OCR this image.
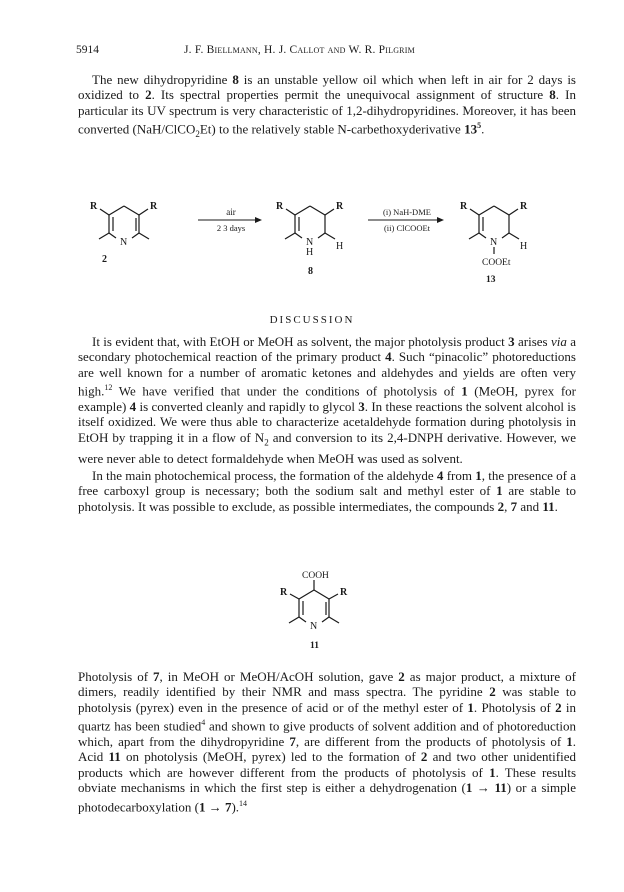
5914	J. F. Biellmann, H. J. Callot and W. R. Pilgrim

The new dihydropyridine 8 is an unstable yellow oil which when left in air for 2 days is oxidized to 2. Its spectral properties permit the unequivocal assignment of structure 8. In particular its UV spectrum is very characteristic of 1,2-dihydropyridines. Moreover, it has been converted (NaH/ClCO$_2$Et) to the relatively stable N-carbethoxyderivative $13^5$.

R	R
N
2
air
2 3 days
R	R
N
H
H
8
(i) NaH-DME
(ii) ClCOOEt
R	R
N H
COOEt
13
DISCUSSION

It is evident that, with EtOH or MeOH as solvent, the major photolysis product 3 arises via a secondary photochemical reaction of the primary product 4. Such “pinacolic” photoreductions are well known for a number of aromatic ketones and aldehydes and yields are often very high.$^{12}$ We have verified that under the conditions of photolysis of 1 (MeOH, pyrex for example) 4 is converted cleanly and rapidly to glycol 3. In these reactions the solvent alcohol is itself oxidized. We were thus able to characterize acetaldehyde formation during photolysis in EtOH by trapping it in a flow of $N_2$ and conversion to its 2,4-DNPH derivative. However, we were never able to detect formaldehyde when MeOH was used as solvent.

In the main photochemical process, the formation of the aldehyde 4 from 1, the presence of a free carboxyl group is necessary; both the sodium salt and methyl ester of 1 are stable to photolysis. It was possible to exclude, as possible intermediates, the compounds 2, 7 and 11.

COOH
R	R
N
11

Photolysis of 7, in MeOH or MeOH/AcOH solution, gave 2 as major product, a mixture of dimers, readily identified by their NMR and mass spectra. The pyridine 2 was stable to photolysis (pyrex) even in the presence of acid or of the methyl ester of 1. Photolysis of 2 in quartz has been studied$^4$ and shown to give products of solvent addition and of photoreduction which, apart from the dihydropyridine 7, are different from the products of photolysis of 1. Acid 11 on photolysis (MeOH, pyrex) led to the formation of 2 and two other unidentified products which are however different from the products of photolysis of 1. These results obviate mechanisms in which the first step is either a dehydrogenation (1 → 11) or a simple photodecarboxylation (1 → 7).$^{14}$
